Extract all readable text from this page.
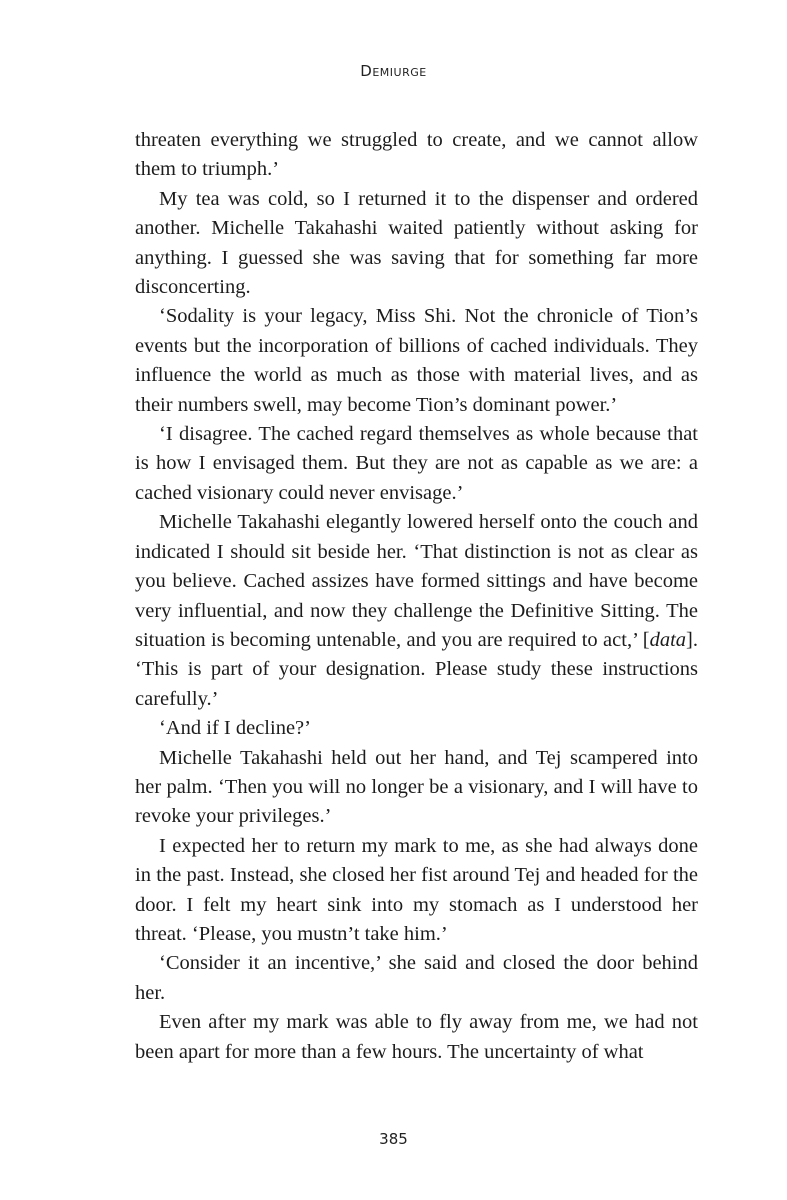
Demiurge

threaten everything we struggled to create, and we cannot allow them to triumph.’

My tea was cold, so I returned it to the dispenser and ordered another. Michelle Takahashi waited patiently without asking for anything. I guessed she was saving that for something far more disconcerting.

‘Sodality is your legacy, Miss Shi. Not the chronicle of Tion’s events but the incorporation of billions of cached individuals. They influence the world as much as those with material lives, and as their numbers swell, may become Tion’s dominant power.’

‘I disagree. The cached regard themselves as whole because that is how I envisaged them. But they are not as capable as we are: a cached visionary could never envisage.’

Michelle Takahashi elegantly lowered herself onto the couch and indicated I should sit beside her. ‘That distinction is not as clear as you believe. Cached assizes have formed sittings and have become very influential, and now they challenge the Definitive Sitting. The situation is becoming untenable, and you are required to act,’ [data]. ‘This is part of your designation. Please study these instructions carefully.’

‘And if I decline?’

Michelle Takahashi held out her hand, and Tej scampered into her palm. ‘Then you will no longer be a visionary, and I will have to revoke your privileges.’

I expected her to return my mark to me, as she had always done in the past. Instead, she closed her fist around Tej and headed for the door. I felt my heart sink into my stomach as I understood her threat. ‘Please, you mustn’t take him.’

‘Consider it an incentive,’ she said and closed the door behind her.

Even after my mark was able to fly away from me, we had not been apart for more than a few hours. The uncertainty of what

385
